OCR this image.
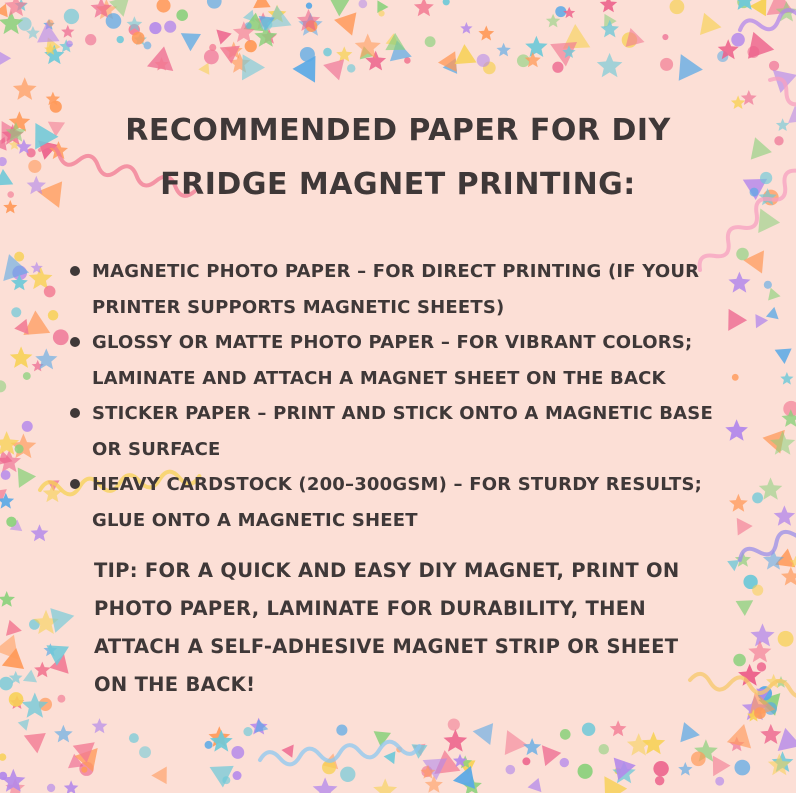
RECOMMENDED PAPER FOR DIY
FRIDGE MAGNET PRINTING:
MAGNETIC PHOTO PAPER – FOR DIRECT PRINTING (IF YOUR PRINTER SUPPORTS MAGNETIC SHEETS)
GLOSSY OR MATTE PHOTO PAPER – FOR VIBRANT COLORS; LAMINATE AND ATTACH A MAGNET SHEET ON THE BACK
STICKER PAPER – PRINT AND STICK ONTO A MAGNETIC BASE OR SURFACE
HEAVY CARDSTOCK (200–300GSM) – FOR STURDY RESULTS; GLUE ONTO A MAGNETIC SHEET
TIP: FOR A QUICK AND EASY DIY MAGNET, PRINT ON PHOTO PAPER, LAMINATE FOR DURABILITY, THEN ATTACH A SELF-ADHESIVE MAGNET STRIP OR SHEET ON THE BACK!
